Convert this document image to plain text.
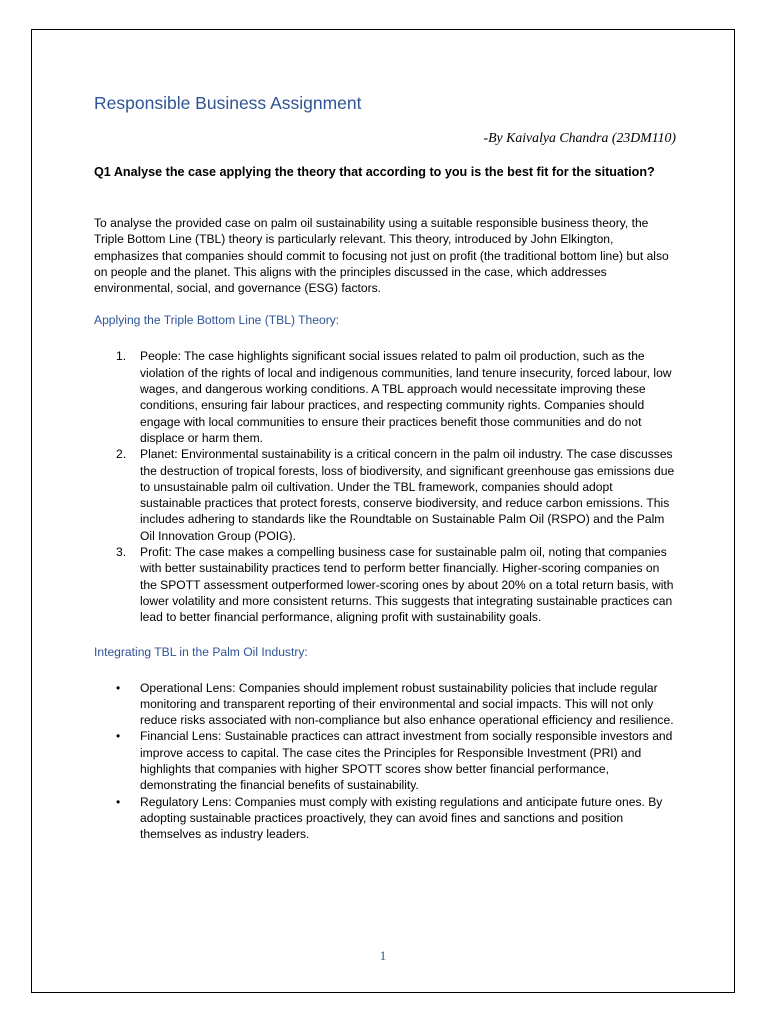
Responsible Business Assignment
-By Kaivalya Chandra (23DM110)

Q1 Analyse the case applying the theory that according to you is the best fit for the situation?

To analyse the provided case on palm oil sustainability using a suitable responsible business theory, the Triple Bottom Line (TBL) theory is particularly relevant. This theory, introduced by John Elkington, emphasizes that companies should commit to focusing not just on profit (the traditional bottom line) but also on people and the planet. This aligns with the principles discussed in the case, which addresses environmental, social, and governance (ESG) factors.

Applying the Triple Bottom Line (TBL) Theory:
1. People: The case highlights significant social issues related to palm oil production, such as the violation of the rights of local and indigenous communities, land tenure insecurity, forced labour, low wages, and dangerous working conditions. A TBL approach would necessitate improving these conditions, ensuring fair labour practices, and respecting community rights. Companies should engage with local communities to ensure their practices benefit those communities and do not displace or harm them.
2. Planet: Environmental sustainability is a critical concern in the palm oil industry. The case discusses the destruction of tropical forests, loss of biodiversity, and significant greenhouse gas emissions due to unsustainable palm oil cultivation. Under the TBL framework, companies should adopt sustainable practices that protect forests, conserve biodiversity, and reduce carbon emissions. This includes adhering to standards like the Roundtable on Sustainable Palm Oil (RSPO) and the Palm Oil Innovation Group (POIG).
3. Profit: The case makes a compelling business case for sustainable palm oil, noting that companies with better sustainability practices tend to perform better financially. Higher-scoring companies on the SPOTT assessment outperformed lower-scoring ones by about 20% on a total return basis, with lower volatility and more consistent returns. This suggests that integrating sustainable practices can lead to better financial performance, aligning profit with sustainability goals.
Integrating TBL in the Palm Oil Industry:
• Operational Lens: Companies should implement robust sustainability policies that include regular monitoring and transparent reporting of their environmental and social impacts. This will not only reduce risks associated with non-compliance but also enhance operational efficiency and resilience.
• Financial Lens: Sustainable practices can attract investment from socially responsible investors and improve access to capital. The case cites the Principles for Responsible Investment (PRI) and highlights that companies with higher SPOTT scores show better financial performance, demonstrating the financial benefits of sustainability.
• Regulatory Lens: Companies must comply with existing regulations and anticipate future ones. By adopting sustainable practices proactively, they can avoid fines and sanctions and position themselves as industry leaders.
1
